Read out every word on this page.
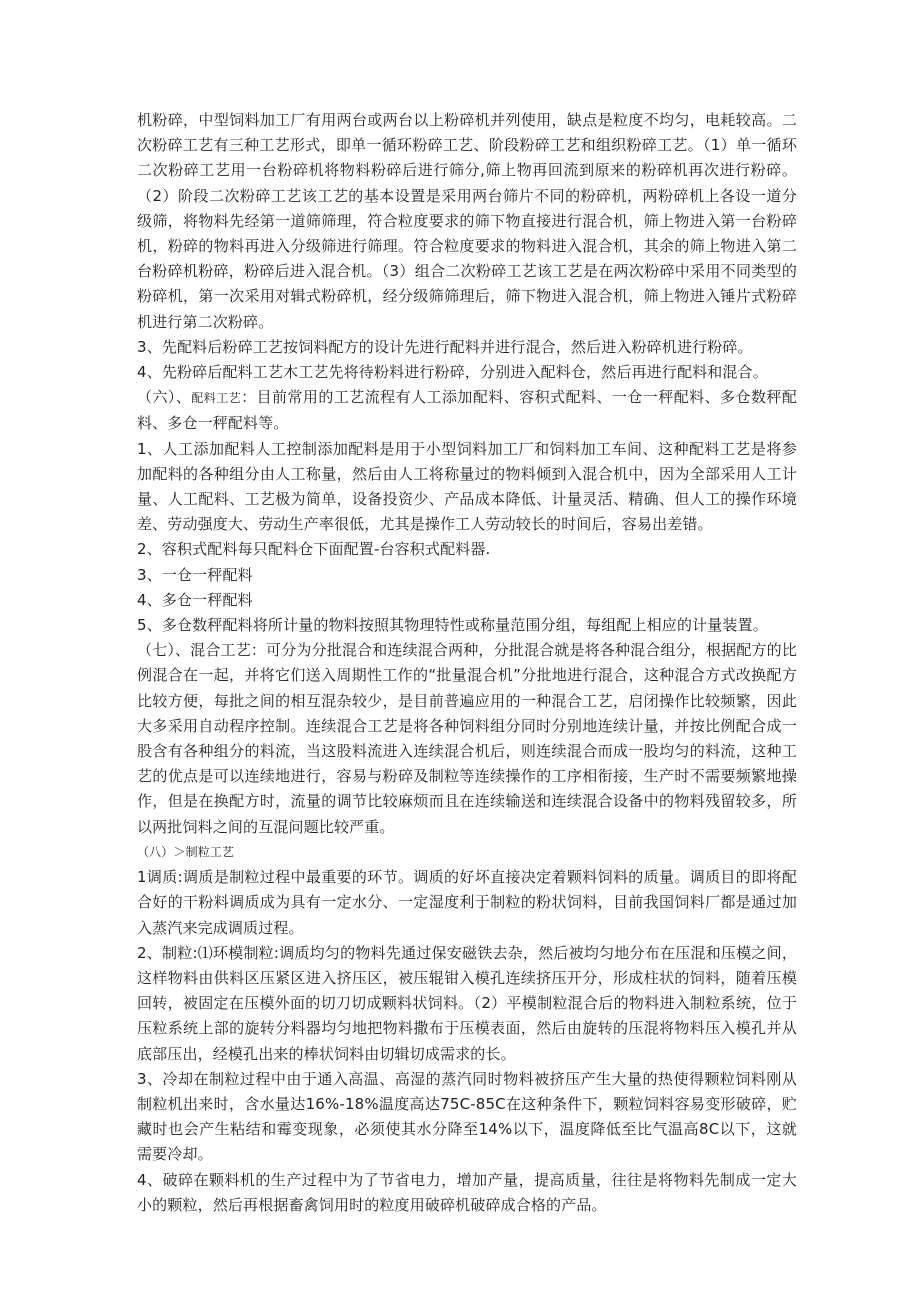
机粉碎，中型饲料加工厂有用两台或两台以上粉碎机并列使用，缺点是粒度不均匀，电耗较高。二次粉碎工艺有三种工艺形式，即单一循环粉碎工艺、阶段粉碎工艺和组织粉碎工艺。（1）单一循环二次粉碎工艺用一台粉碎机将物料粉碎后进行筛分,筛上物再回流到原来的粉碎机再次进行粉碎。（2）阶段二次粉碎工艺该工艺的基本设置是采用两台筛片不同的粉碎机，两粉碎机上各设一道分级筛，将物料先经第一道筛筛理，符合粒度要求的筛下物直接进行混合机，筛上物进入第一台粉碎机，粉碎的物料再进入分级筛进行筛理。符合粒度要求的物料进入混合机，其余的筛上物进入第二台粉碎机粉碎，粉碎后进入混合机。（3）组合二次粉碎工艺该工艺是在两次粉碎中采用不同类型的粉碎机，第一次采用对辑式粉碎机，经分级筛筛理后，筛下物进入混合机，筛上物进入锤片式粉碎机进行第二次粉碎。

3、先配料后粉碎工艺按饲料配方的设计先进行配料并进行混合，然后进入粉碎机进行粉碎。

4、先粉碎后配料工艺木工艺先将待粉料进行粉碎，分别进入配料仓，然后再进行配料和混合。

（六）、配料工艺：目前常用的工艺流程有人工添加配料、容积式配料、一仓一秤配料、多仓数秤配料、多仓一秤配料等。

1、人工添加配料人工控制添加配料是用于小型饲料加工厂和饲料加工车间、这种配料工艺是将参加配料的各种组分由人工称量，然后由人工将称量过的物料倾到入混合机中，因为全部采用人工计量、人工配料、工艺极为简单，设备投资少、产品成本降低、计量灵活、精确、但人工的操作环境差、劳动强度大、劳动生产率很低，尤其是操作工人劳动较长的时间后，容易出差错。

2、容积式配料每只配料仓下面配置-台容积式配料器.

3、一仓一秤配料

4、多仓一秤配料

5、多仓数秤配料将所计量的物料按照其物理特性或称量范围分组，每组配上相应的计量装置。

（七）、混合工艺：可分为分批混合和连续混合两种，分批混合就是将各种混合组分，根据配方的比例混合在一起，并将它们送入周期性工作的“批量混合机”分批地进行混合，这种混合方式改换配方比较方便，每批之间的相互混杂较少，是目前普遍应用的一种混合工艺，启闭操作比较频繁，因此大多采用自动程序控制。连续混合工艺是将各种饲料组分同时分别地连续计量，并按比例配合成一股含有各种组分的料流，当这股料流进入连续混合机后，则连续混合而成一股均匀的料流，这种工艺的优点是可以连续地进行，容易与粉碎及制粒等连续操作的工序相衔接，生产时不需要频繁地操作，但是在换配方时，流量的调节比较麻烦而且在连续输送和连续混合设备中的物料残留较多，所以两批饲料之间的互混问题比较严重。

（八）＞制粒工艺

1调质:调质是制粒过程中最重要的环节。调质的好坏直接决定着颗料饲料的质量。调质目的即将配合好的干粉料调质成为具有一定水分、一定湿度利于制粒的粉状饲料，目前我国饲料厂都是通过加入蒸汽来完成调质过程。

2、制粒:⑴环模制粒:调质均匀的物料先通过保安磁铁去杂，然后被均匀地分布在压混和压模之间，这样物料由供料区压紧区进入挤压区，被压辊钳入模孔连续挤压开分，形成柱状的饲料，随着压模回转，被固定在压模外面的切刀切成颗料状饲料。（2）平模制粒混合后的物料进入制粒系统，位于压粒系统上部的旋转分料器均匀地把物料撒布于压模表面，然后由旋转的压混将物料压入模孔并从底部压出，经模孔出来的棒状饲料由切辑切成需求的长。

3、冷却在制粒过程中由于通入高温、高湿的蒸汽同时物料被挤压产生大量的热使得颗粒饲料刚从制粒机出来时，含水量达16%-18%温度高达75C-85C在这种条件下，颗粒饲料容易变形破碎，贮藏时也会产生粘结和霉变现象，必须使其水分降至14%以下，温度降低至比气温高8C以下，这就需要冷却。

4、破碎在颗料机的生产过程中为了节省电力，增加产量，提高质量，往往是将物料先制成一定大小的颗粒，然后再根据畜禽饲用时的粒度用破碎机破碎成合格的产品。
